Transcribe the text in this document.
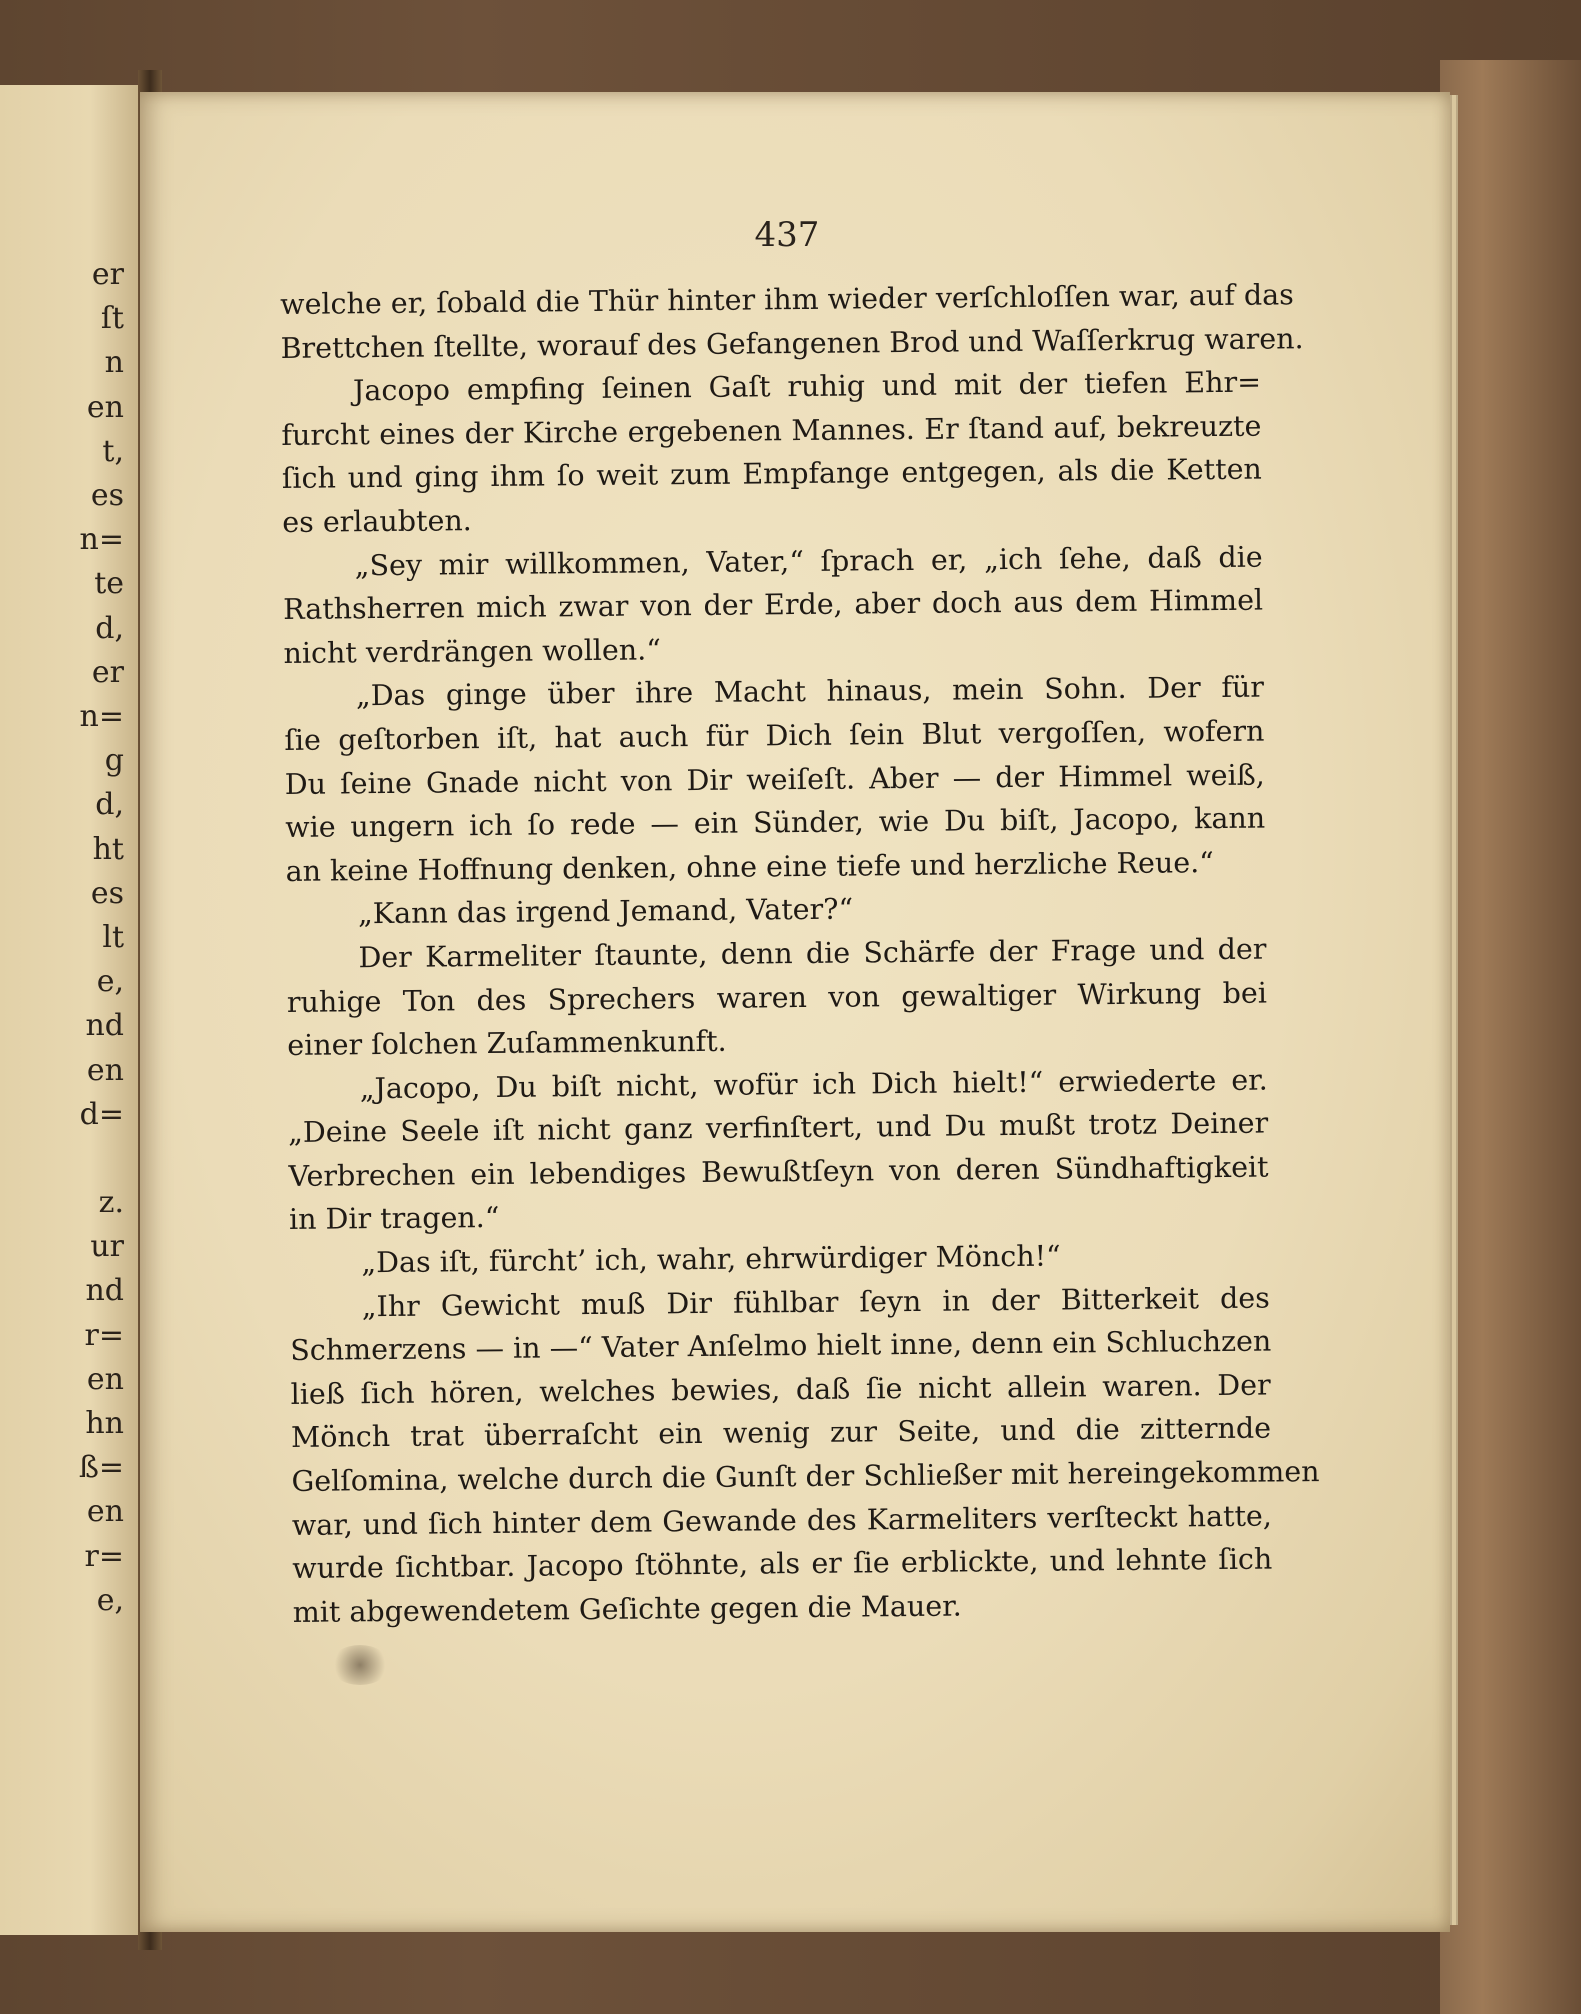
er
ſt
n
en
t,
es
n=
te
d,
er
n=
g
d,
ht
es
lt
e,
nd
en
d=
z.
ur
nd
r=
en
hn
ß=
en
r=
e,
437
welche er, ſobald die Thür hinter ihm wieder verſchloſſen war, auf das
Brettchen ſtellte, worauf des Gefangenen Brod und Waſſerkrug waren.
Jacopo empfing ſeinen Gaſt ruhig und mit der tiefen Ehr=
furcht eines der Kirche ergebenen Mannes. Er ſtand auf, bekreuzte
ſich und ging ihm ſo weit zum Empfange entgegen, als die Ketten
es erlaubten.
„Sey mir willkommen, Vater,“ ſprach er, „ich ſehe, daß die
Rathsherren mich zwar von der Erde, aber doch aus dem Himmel
nicht verdrängen wollen.“
„Das ginge über ihre Macht hinaus, mein Sohn. Der für
ſie geſtorben iſt, hat auch für Dich ſein Blut vergoſſen, wofern
Du ſeine Gnade nicht von Dir weiſeſt. Aber — der Himmel weiß,
wie ungern ich ſo rede — ein Sünder, wie Du biſt, Jacopo, kann
an keine Hoffnung denken, ohne eine tiefe und herzliche Reue.“
„Kann das irgend Jemand, Vater?“
Der Karmeliter ſtaunte, denn die Schärfe der Frage und der
ruhige Ton des Sprechers waren von gewaltiger Wirkung bei
einer ſolchen Zuſammenkunft.
„Jacopo, Du biſt nicht, wofür ich Dich hielt!“ erwiederte er.
„Deine Seele iſt nicht ganz verfinſtert, und Du mußt trotz Deiner
Verbrechen ein lebendiges Bewußtſeyn von deren Sündhaftigkeit
in Dir tragen.“
„Das iſt, fürcht’ ich, wahr, ehrwürdiger Mönch!“
„Ihr Gewicht muß Dir fühlbar ſeyn in der Bitterkeit des
Schmerzens — in —“ Vater Anſelmo hielt inne, denn ein Schluchzen
ließ ſich hören, welches bewies, daß ſie nicht allein waren. Der
Mönch trat überraſcht ein wenig zur Seite, und die zitternde
Gelſomina, welche durch die Gunſt der Schließer mit hereingekommen
war, und ſich hinter dem Gewande des Karmeliters verſteckt hatte,
wurde ſichtbar. Jacopo ſtöhnte, als er ſie erblickte, und lehnte ſich
mit abgewendetem Geſichte gegen die Mauer.
